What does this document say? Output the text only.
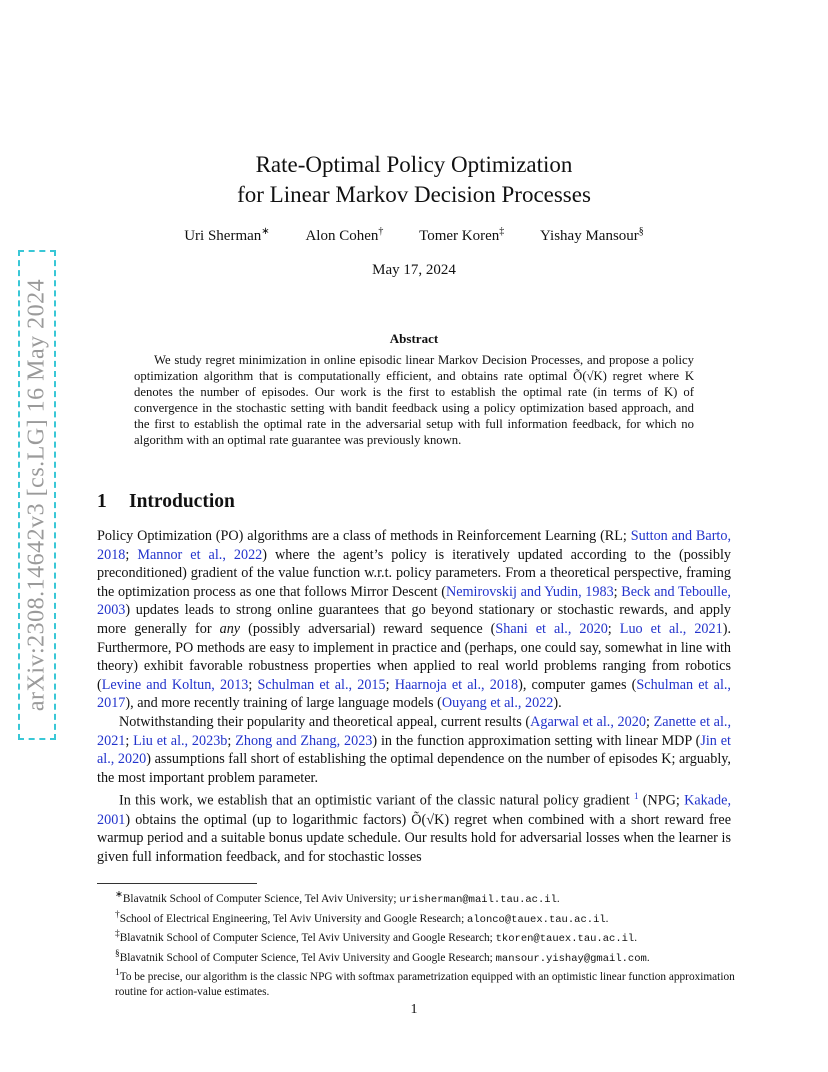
arXiv:2308.14642v3 [cs.LG] 16 May 2024
Rate-Optimal Policy Optimization
for Linear Markov Decision Processes
Uri Sherman∗ Alon Cohen† Tomer Koren‡ Yishay Mansour§
May 17, 2024
Abstract

We study regret minimization in online episodic linear Markov Decision Processes, and propose a policy optimization algorithm that is computationally efficient, and obtains rate optimal Õ(√K) regret where K denotes the number of episodes. Our work is the first to establish the optimal rate (in terms of K) of convergence in the stochastic setting with bandit feedback using a policy optimization based approach, and the first to establish the optimal rate in the adversarial setup with full information feedback, for which no algorithm with an optimal rate guarantee was previously known.

1 Introduction

Policy Optimization (PO) algorithms are a class of methods in Reinforcement Learning (RL; Sutton and Barto, 2018; Mannor et al., 2022) where the agent’s policy is iteratively updated according to the (possibly preconditioned) gradient of the value function w.r.t. policy parameters. From a theoretical perspective, framing the optimization process as one that follows Mirror Descent (Nemirovskij and Yudin, 1983; Beck and Teboulle, 2003) updates leads to strong online guarantees that go beyond stationary or stochastic rewards, and apply more generally for any (possibly adversarial) reward sequence (Shani et al., 2020; Luo et al., 2021). Furthermore, PO methods are easy to implement in practice and (perhaps, one could say, somewhat in line with theory) exhibit favorable robustness properties when applied to real world problems ranging from robotics (Levine and Koltun, 2013; Schulman et al., 2015; Haarnoja et al., 2018), computer games (Schulman et al., 2017), and more recently training of large language models (Ouyang et al., 2022).

Notwithstanding their popularity and theoretical appeal, current results (Agarwal et al., 2020; Zanette et al., 2021; Liu et al., 2023b; Zhong and Zhang, 2023) in the function approximation setting with linear MDP (Jin et al., 2020) assumptions fall short of establishing the optimal dependence on the number of episodes K; arguably, the most important problem parameter.

In this work, we establish that an optimistic variant of the classic natural policy gradient $^1$ (NPG; Kakade, 2001) obtains the optimal (up to logarithmic factors) Õ(√K) regret when combined with a short reward free warmup period and a suitable bonus update schedule. Our results hold for adversarial losses when the learner is given full information feedback, and for stochastic losses

∗Blavatnik School of Computer Science, Tel Aviv University; urisherman@mail.tau.ac.il.
†School of Electrical Engineering, Tel Aviv University and Google Research; alonco@tauex.tau.ac.il.
‡Blavatnik School of Computer Science, Tel Aviv University and Google Research; tkoren@tauex.tau.ac.il.
§Blavatnik School of Computer Science, Tel Aviv University and Google Research; mansour.yishay@gmail.com.
$^1$To be precise, our algorithm is the classic NPG with softmax parametrization equipped with an optimistic linear function approximation routine for action-value estimates.
1
